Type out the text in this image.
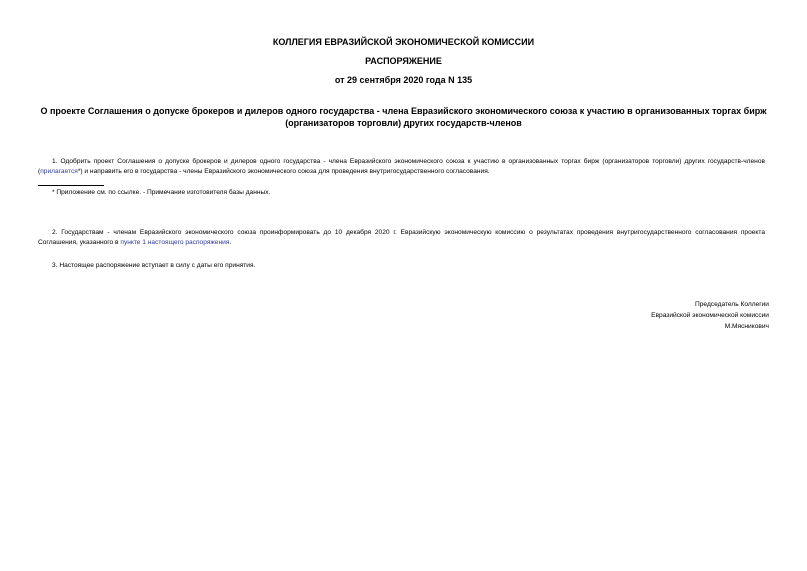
КОЛЛЕГИЯ ЕВРАЗИЙСКОЙ ЭКОНОМИЧЕСКОЙ КОМИССИИ
РАСПОРЯЖЕНИЕ
от 29 сентября 2020 года N 135
О проекте Соглашения о допуске брокеров и дилеров одного государства - члена Евразийского экономического союза к участию в организованных торгах бирж (организаторов торговли) других государств-членов
1. Одобрить проект Соглашения о допуске брокеров и дилеров одного государства - члена Евразийского экономического союза к участию в организованных торгах бирж (организаторов торговли) других государств-членов (прилагается*) и направить его в государства - члены Евразийского экономического союза для проведения внутригосударственного согласования.
* Приложение см. по ссылке. - Примечание изготовителя базы данных.
2. Государствам - членам Евразийского экономического союза проинформировать до 10 декабря 2020 г. Евразийскую экономическую комиссию о результатах проведения внутригосударственного согласования проекта Соглашения, указанного в пункте 1 настоящего распоряжения.
3. Настоящее распоряжение вступает в силу с даты его принятия.
Председатель Коллегии
Евразийской экономической комиссии
М.Мясникович
